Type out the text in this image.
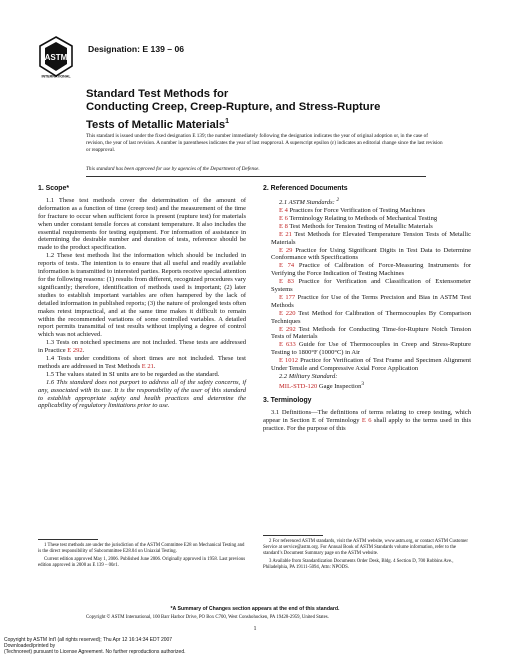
ASTM
INTERNATIONAL
Designation: E 139 – 06
Standard Test Methods for
Conducting Creep, Creep-Rupture, and Stress-Rupture
Tests of Metallic Materials$^1$
This standard is issued under the fixed designation E 139; the number immediately following the designation indicates the year of original adoption or, in the case of revision, the year of last revision. A number in parentheses indicates the year of last reapproval. A superscript epsilon (ε) indicates an editorial change since the last revision or reapproval.
This standard has been approved for use by agencies of the Department of Defense.
1. Scope*

1.1 These test methods cover the determination of the amount of deformation as a function of time (creep test) and the measurement of the time for fracture to occur when sufficient force is present (rupture test) for materials when under constant tensile forces at constant temperature. It also includes the essential requirements for testing equipment. For information of assistance in determining the desirable number and duration of tests, reference should be made to the product specification.

1.2 These test methods list the information which should be included in reports of tests. The intention is to ensure that all useful and readily available information is transmitted to interested parties. Reports receive special attention for the following reasons: (1) results from different, recognized procedures vary significantly; therefore, identification of methods used is important; (2) later studies to establish important variables are often hampered by the lack of detailed information in published reports; (3) the nature of prolonged tests often makes retest impractical, and at the same time makes it difficult to remain within the recommended variations of some controlled variables. A detailed report permits transmittal of test results without implying a degree of control which was not achieved.

1.3 Tests on notched specimens are not included. These tests are addressed in Practice E 292.

1.4 Tests under conditions of short times are not included. These test methods are addressed in Test Methods E 21.

1.5 The values stated in SI units are to be regarded as the standard.

1.6 This standard does not purport to address all of the safety concerns, if any, associated with its use. It is the responsibility of the user of this standard to establish appropriate safety and health practices and determine the applicability of regulatory limitations prior to use.

2. Referenced Documents

2.1 ASTM Standards: $^2$

E 4 Practices for Force Verification of Testing Machines

E 6 Terminology Relating to Methods of Mechanical Testing

E 8 Test Methods for Tension Testing of Metallic Materials

E 21 Test Methods for Elevated Temperature Tension Tests of Metallic Materials

E 29 Practice for Using Significant Digits in Test Data to Determine Conformance with Specifications

E 74 Practice of Calibration of Force-Measuring Instruments for Verifying the Force Indication of Testing Machines

E 83 Practice for Verification and Classification of Extensometer Systems

E 177 Practice for Use of the Terms Precision and Bias in ASTM Test Methods

E 220 Test Method for Calibration of Thermocouples By Comparison Techniques

E 292 Test Methods for Conducting Time-for-Rupture Notch Tension Tests of Materials

E 633 Guide for Use of Thermocouples in Creep and Stress-Rupture Testing to 1800°F (1000°C) in Air

E 1012 Practice for Verification of Test Frame and Specimen Alignment Under Tensile and Compressive Axial Force Application

2.2 Military Standard:

MIL-STD-120 Gage Inspection$^3$

3. Terminology

3.1 Definitions—The definitions of terms relating to creep testing, which appear in Section E of Terminology E 6 shall apply to the terms used in this practice. For the purpose of this

1 These test methods are under the jurisdiction of the ASTM Committee E28 on Mechanical Testing and is the direct responsibility of Subcommittee E28.04 on Uniaxial Testing.

Current edition approved May 1, 2006. Published June 2006. Originally approved in 1958. Last previous edition approved in 2000 as E 139 – 00ε1.

2 For referenced ASTM standards, visit the ASTM website, www.astm.org, or contact ASTM Customer Service at service@astm.org. For Annual Book of ASTM Standards volume information, refer to the standard’s Document Summary page on the ASTM website.

3 Available from Standardization Documents Order Desk, Bldg. 4 Section D, 700 Robbins Ave., Philadelphia, PA 19111-5094, Attn: NPODS.

*A Summary of Changes section appears at the end of this standard.
Copyright © ASTM International, 100 Barr Harbor Drive, PO Box C700, West Conshohocken, PA 19428-2959, United States.
1
Copyright by ASTM Int'l (all rights reserved); Thu Apr 12 16:14:34 EDT 2007
Downloaded/printed by
(Technoreet) pursuant to License Agreement. No further reproductions authorized.
